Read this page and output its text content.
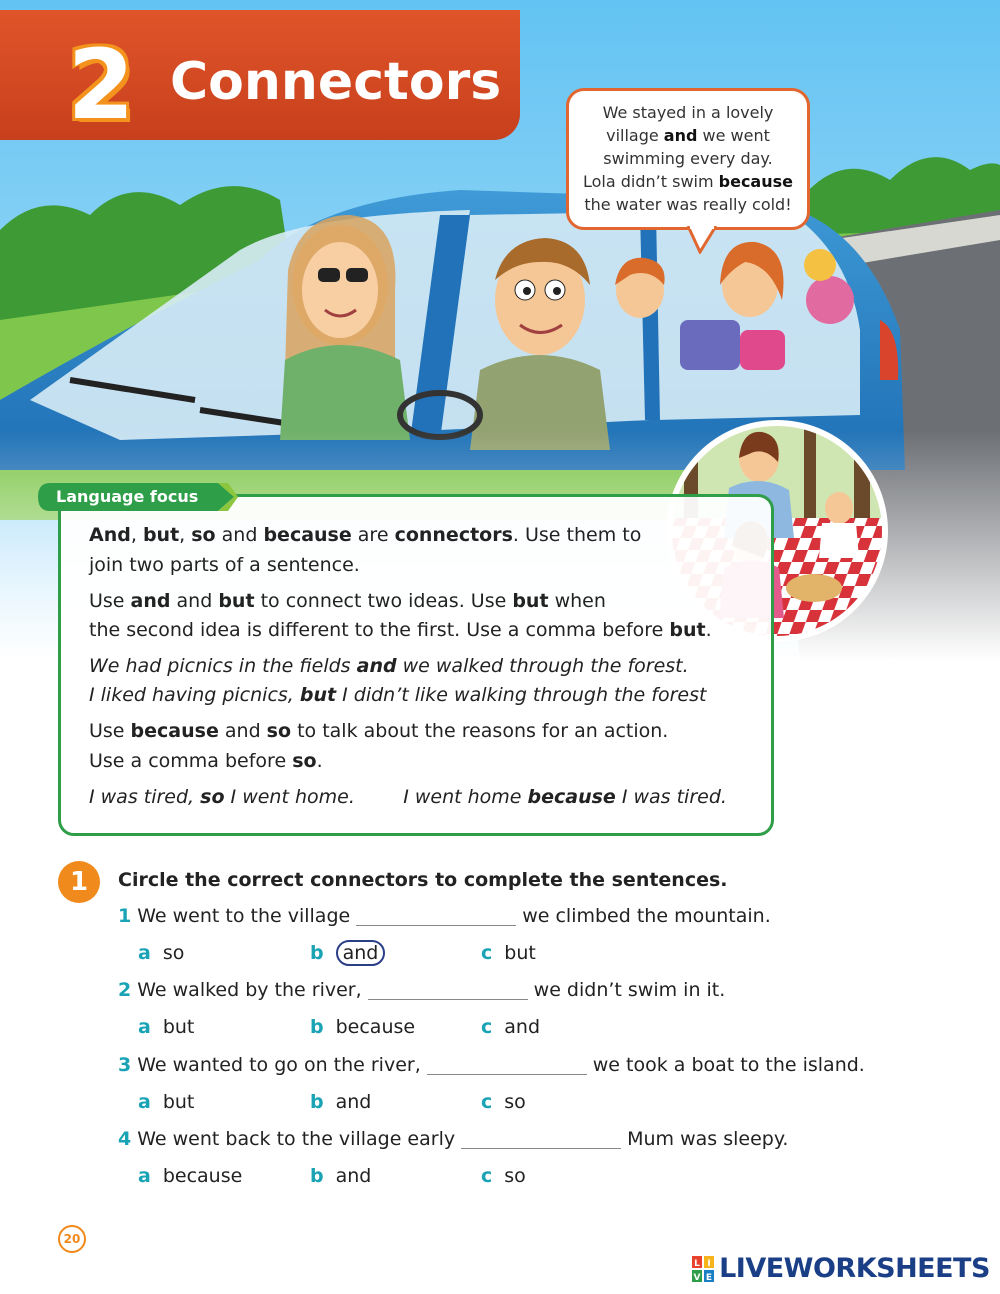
2 Connectors
We stayed in a lovely
village and we went
swimming every day.
Lola didn’t swim because
the water was really cold!
Language focus
And, but, so and because are connectors. Use them to
join two parts of a sentence.
Use and and but to connect two ideas. Use but when
the second idea is different to the first. Use a comma before but.
We had picnics in the fields and we walked through the forest.
I liked having picnics, but I didn’t like walking through the forest
Use because and so to talk about the reasons for an action.
Use a comma before so.
I was tired, so I went home.        I went home because I was tired.
1	Circle the correct connectors to complete the sentences.
1 We went to the village	we climbed the mountain.
a so	b and	c but
2 We walked by the river,	we didn’t swim in it.
a but	b because	c and
3 We wanted to go on the river,	we took a boat to the island.
a but	b and	c so
4 We went back to the village early	Mum was sleepy.
a because	b and	c so
20
L I
V E LIVEWORKSHEETS
